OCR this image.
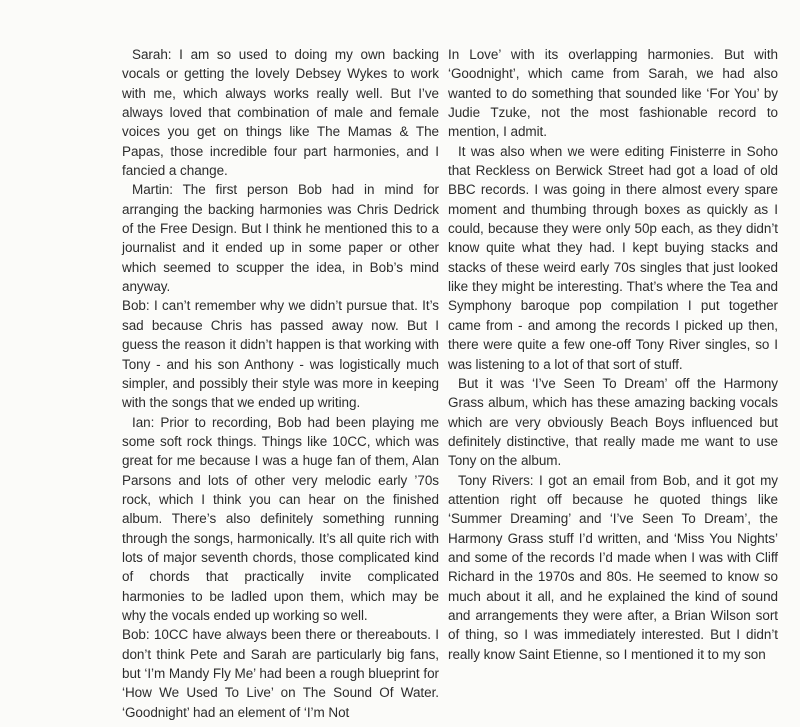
Sarah: I am so used to doing my own backing vocals or getting the lovely Debsey Wykes to work with me, which always works really well. But I’ve always loved that combination of male and female voices you get on things like The Mamas & The Papas, those incredible four part harmonies, and I fancied a change.

Martin: The first person Bob had in mind for arranging the backing harmonies was Chris Dedrick of the Free Design. But I think he mentioned this to a journalist and it ended up in some paper or other which seemed to scupper the idea, in Bob’s mind anyway.

Bob: I can’t remember why we didn’t pursue that. It’s sad because Chris has passed away now. But I guess the reason it didn’t happen is that working with Tony - and his son Anthony - was logistically much simpler, and possibly their style was more in keeping with the songs that we ended up writing.

Ian: Prior to recording, Bob had been playing me some soft rock things. Things like 10CC, which was great for me because I was a huge fan of them, Alan Parsons and lots of other very melodic early ’70s rock, which I think you can hear on the finished album. There’s also definitely something running through the songs, harmonically. It’s all quite rich with lots of major seventh chords, those complicated kind of chords that practically invite complicated harmonies to be ladled upon them, which may be why the vocals ended up working so well.

Bob: 10CC have always been there or thereabouts. I don’t think Pete and Sarah are particularly big fans, but ‘I’m Mandy Fly Me’ had been a rough blueprint for ‘How We Used To Live’ on The Sound Of Water. ‘Goodnight’ had an element of ‘I’m Not

In Love’ with its overlapping harmonies. But with ‘Goodnight’, which came from Sarah, we had also wanted to do something that sounded like ‘For You’ by Judie Tzuke, not the most fashionable record to mention, I admit.

It was also when we were editing Finisterre in Soho that Reckless on Berwick Street had got a load of old BBC records. I was going in there almost every spare moment and thumbing through boxes as quickly as I could, because they were only 50p each, as they didn’t know quite what they had. I kept buying stacks and stacks of these weird early 70s singles that just looked like they might be interesting. That’s where the Tea and Symphony baroque pop compilation I put together came from - and among the records I picked up then, there were quite a few one-off Tony River singles, so I was listening to a lot of that sort of stuff.

But it was ‘I’ve Seen To Dream’ off the Harmony Grass album, which has these amazing backing vocals which are very obviously Beach Boys influenced but definitely distinctive, that really made me want to use Tony on the album.

Tony Rivers: I got an email from Bob, and it got my attention right off because he quoted things like ‘Summer Dreaming’ and ‘I’ve Seen To Dream’, the Harmony Grass stuff I’d written, and ‘Miss You Nights’ and some of the records I’d made when I was with Cliff Richard in the 1970s and 80s. He seemed to know so much about it all, and he explained the kind of sound and arrangements they were after, a Brian Wilson sort of thing, so I was immediately interested. But I didn’t really know Saint Etienne, so I mentioned it to my son
